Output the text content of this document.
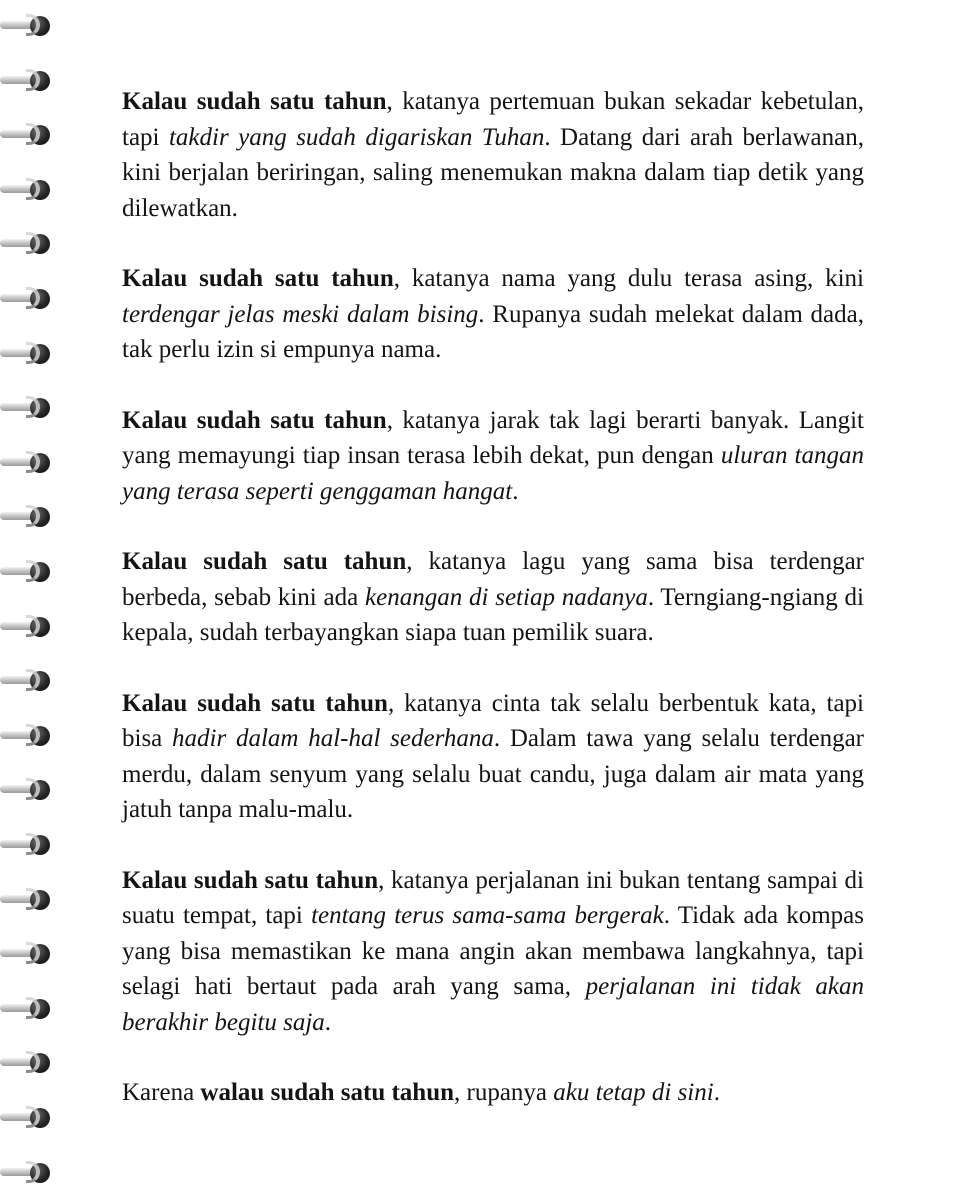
Kalau sudah satu tahun, katanya pertemuan bukan sekadar kebetulan, tapi takdir yang sudah digariskan Tuhan. Datang dari arah berlawanan, kini berjalan beriringan, saling menemukan makna dalam tiap detik yang dilewatkan.

Kalau sudah satu tahun, katanya nama yang dulu terasa asing, kini terdengar jelas meski dalam bising. Rupanya sudah melekat dalam dada, tak perlu izin si empunya nama.

Kalau sudah satu tahun, katanya jarak tak lagi berarti banyak. Langit yang memayungi tiap insan terasa lebih dekat, pun dengan uluran tangan yang terasa seperti genggaman hangat.

Kalau sudah satu tahun, katanya lagu yang sama bisa terdengar berbeda, sebab kini ada kenangan di setiap nadanya. Terngiang-ngiang di kepala, sudah terbayangkan siapa tuan pemilik suara.

Kalau sudah satu tahun, katanya cinta tak selalu berbentuk kata, tapi bisa hadir dalam hal-hal sederhana. Dalam tawa yang selalu terdengar merdu, dalam senyum yang selalu buat candu, juga dalam air mata yang jatuh tanpa malu-malu.

Kalau sudah satu tahun, katanya perjalanan ini bukan tentang sampai di suatu tempat, tapi tentang terus sama-sama bergerak. Tidak ada kompas yang bisa memastikan ke mana angin akan membawa langkahnya, tapi selagi hati bertaut pada arah yang sama, perjalanan ini tidak akan berakhir begitu saja.

Karena walau sudah satu tahun, rupanya aku tetap di sini.
